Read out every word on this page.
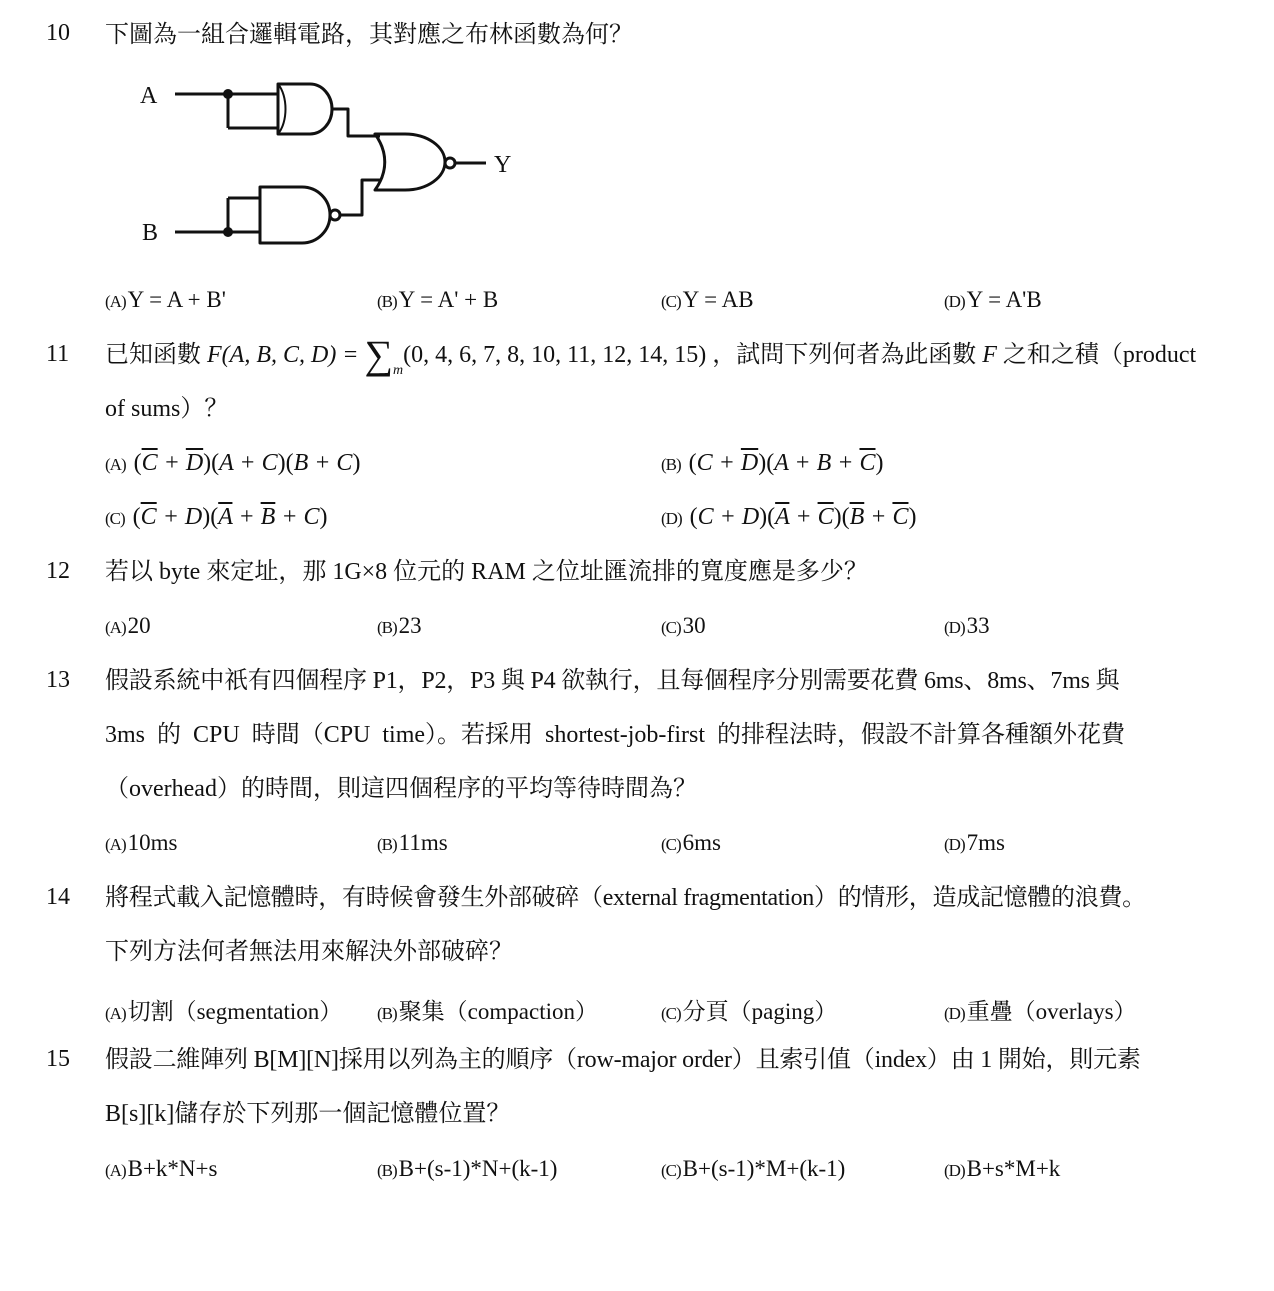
10 下圖為一組合邏輯電路，其對應之布林函數為何？
A
B
Y
(A)Y = A + B'	(B)Y = A' + B	(C)Y = AB	(D)Y = A'B
11 已知函數 F(A, B, C, $D) = \sum_m(0$, 4, 6, 7, 8, 10, 11, 12, 14, 15) ，試問下列何者為此函數 F 之和之積（product
of sums）？
(A) $(\overline{C} + \overline{D})(A + C)(B + C)$	(B) $(C + \overline{D})(A + B + \overline{C})$
(C) $(\overline{C} + D)(\overline{A} + \overline{B} + C)$	(D) $(C + D)(\overline{A} + \overline{C})(\overline{B} + \overline{C})$
12 若以 byte 來定址，那 1G×8 位元的 RAM 之位址匯流排的寬度應是多少？
(A)20	(B)23	(C)30	(D)33
13 假設系統中祇有四個程序 P1，P2，P3 與 P4 欲執行，且每個程序分別需要花費 6ms、8ms、7ms 與
3ms 的 CPU 時間（CPU time）。若採用 shortest-job-first 的排程法時，假設不計算各種額外花費
（overhead）的時間，則這四個程序的平均等待時間為？
(A)10ms	(B)11ms	(C)6ms	(D)7ms
14 將程式載入記憶體時，有時候會發生外部破碎（external fragmentation）的情形，造成記憶體的浪費。
下列方法何者無法用來解決外部破碎？
(A)切割（segmentation） (B)聚集（compaction）	(C)分頁（paging）	(D)重疊（overlays）
15 假設二維陣列 B[M][N]採用以列為主的順序（row-major order）且索引值（index）由 1 開始，則元素
B[s][k]儲存於下列那一個記憶體位置？
(A)B+k*N+s	(B)B+(s-1)*N+(k-1)	(C)B+(s-1)*M+(k-1)	(D)B+s*M+k
